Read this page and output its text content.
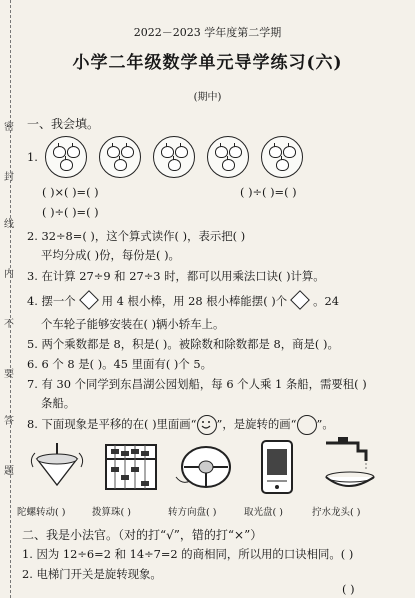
密
封
线
内
不
要
答
题
2022－2023 学年度第二学期
小学二年级数学单元导学练习(六)
(期中)
一、我会填。
1.
( )×( )=( )	( )÷( )=( )
( )÷( )=( )
2. 32÷8=( )，这个算式读作( )，表示把( )
平均分成( )份，每份是( )。
3. 在计算 27÷9 和 27÷3 时，都可以用乘法口诀( )计算。
4. 摆一个 用 4 根小棒，用 28 根小棒能摆( )个 。24
个车轮子能够安装在( )辆小轿车上。
5. 两个乘数都是 8，积是( )。被除数和除数都是 8，商是( )。
6. 6 个 8 是( )。45 里面有( )个 5。
7. 有 30 个同学到东昌湖公园划船，每 6 个人乘 1 条船，需要租( )
条船。
8. 下面现象是平移的在( )里面画“ ”，是旋转的画“ ”。
陀螺转动( )	拨算珠( )	转方向盘( )	取光盘( )	拧水龙头( )
二、我是小法官。（对的打“√”，错的打“×”）
1. 因为 12÷6=2 和 14÷7=2 的商相同，所以用的口诀相同。( )
2. 电梯门开关是旋转现象。
( )
